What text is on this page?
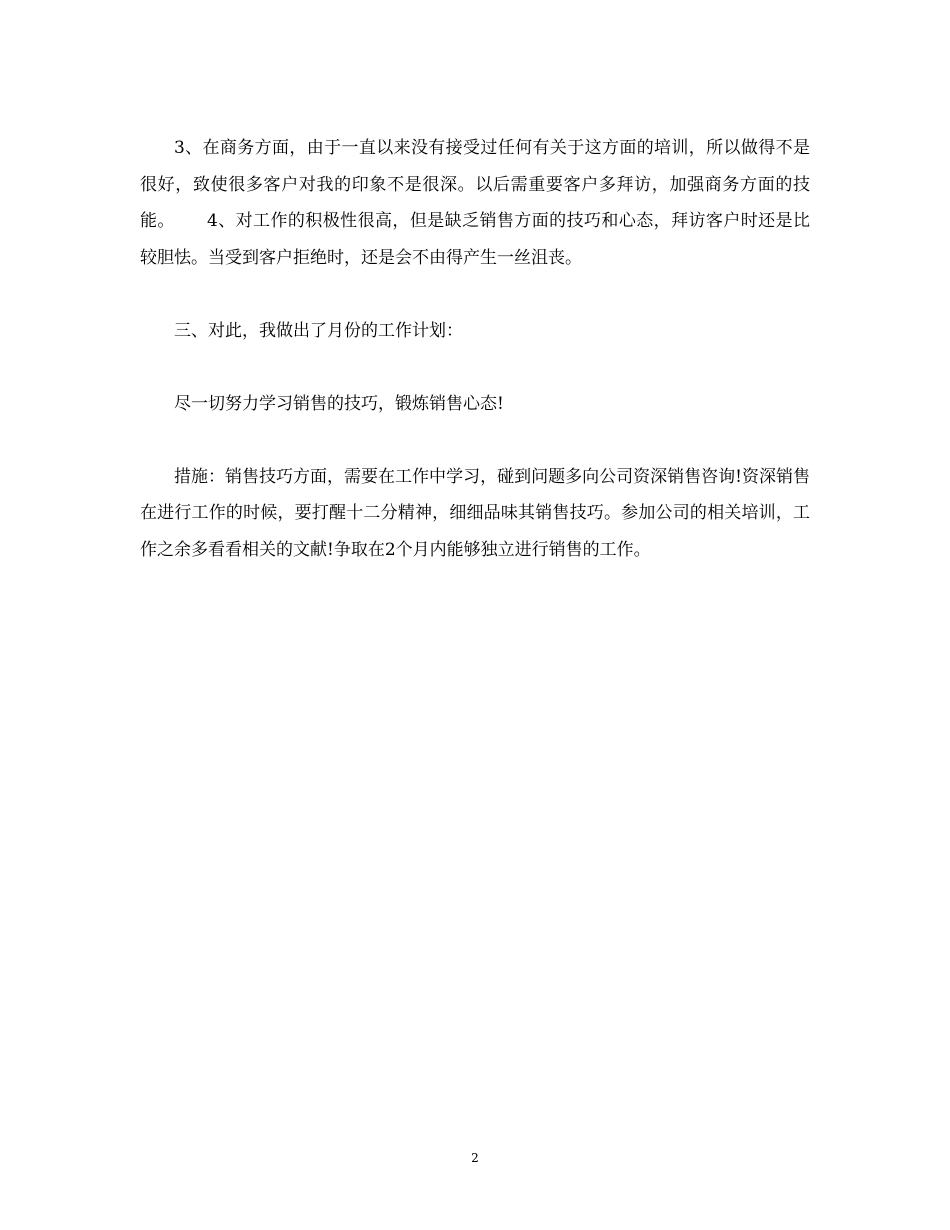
3、在商务方面，由于一直以来没有接受过任何有关于这方面的培训，所以做得不是很好，致使很多客户对我的印象不是很深。以后需重要客户多拜访，加强商务方面的技能。　　 4、对工作的积极性很高，但是缺乏销售方面的技巧和心态，拜访客户时还是比较胆怯。当受到客户拒绝时，还是会不由得产生一丝沮丧。

三、对此，我做出了月份的工作计划：

尽一切努力学习销售的技巧，锻炼销售心态!

措施：销售技巧方面，需要在工作中学习，碰到问题多向公司资深销售咨询!资深销售在进行工作的时候，要打醒十二分精神，细细品味其销售技巧。参加公司的相关培训，工作之余多看看相关的文献!争取在2个月内能够独立进行销售的工作。

2
